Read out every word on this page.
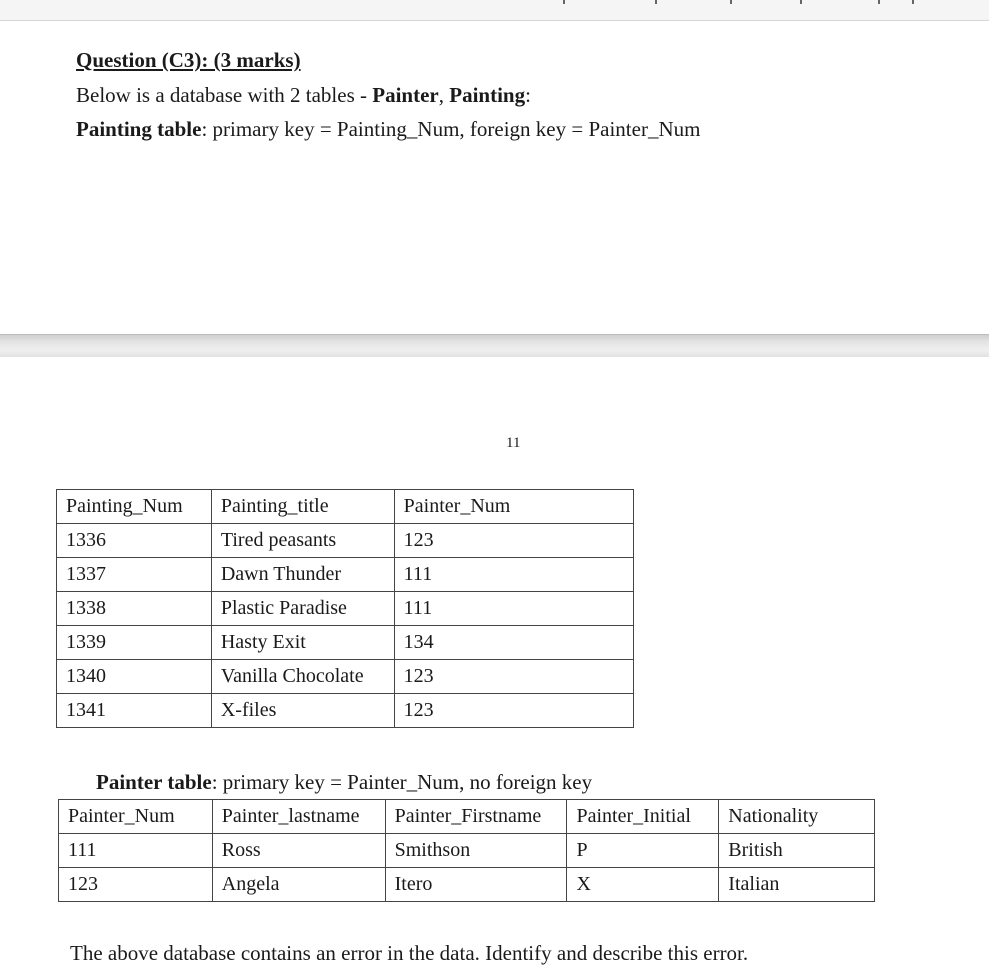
Question (C3): (3 marks)
Below is a database with 2 tables - Painter, Painting:
Painting table: primary key = Painting_Num, foreign key = Painter_Num
11
Painting_Num	Painting_title	Painter_Num
1336	Tired peasants	123
1337	Dawn Thunder	111
1338	Plastic Paradise	111
1339	Hasty Exit	134
1340	Vanilla Chocolate	123
1341	X-files	123
Painter table: primary key = Painter_Num, no foreign key
Painter_Num	Painter_lastname	Painter_Firstname	Painter_Initial	Nationality
111	Ross	Smithson	P	British
123	Angela	Itero	X	Italian
The above database contains an error in the data. Identify and describe this error.
